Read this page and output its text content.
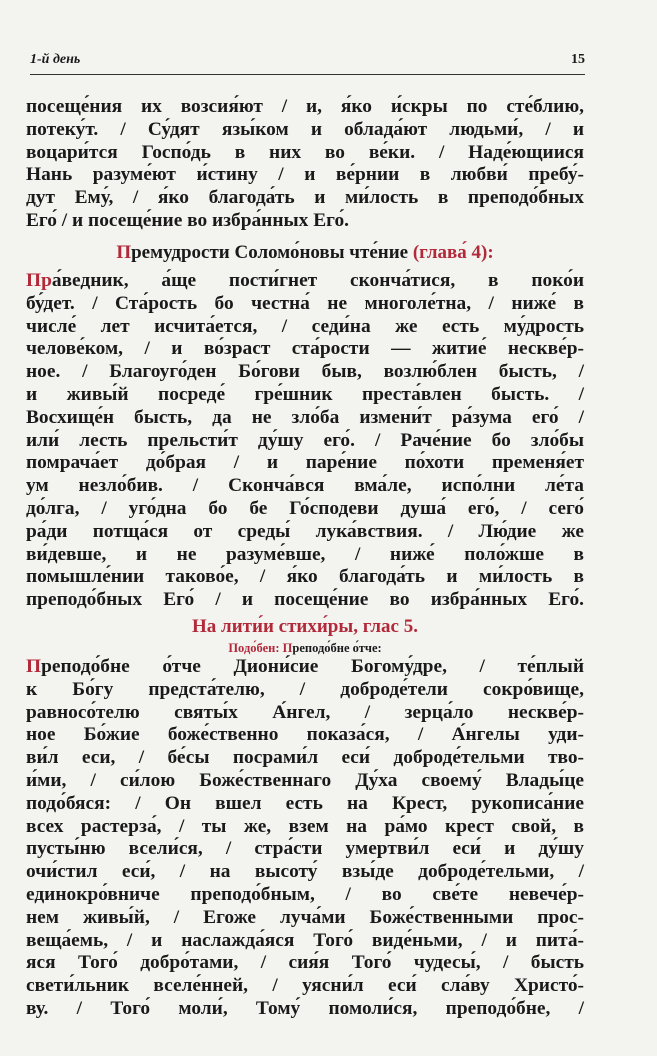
1-й день	15
посеще́ния их возсия́ют / и, я́ко и́скры по сте́блию,
потеку́т. / Су́дят язы́ком и облада́ют людьми́, / и
воцари́тся Госпо́дь в них во ве́ки. / Наде́ющиися
Нань разуме́ют и́стину / и ве́рнии в любви́ пребу́-
дут Ему́, / я́ко благода́ть и ми́лость в преподо́бных
Его́ / и посеще́ние во избра́нных Его́.
Премудрости Соломо́новы чте́ние (глава́ 4):
Пра́ведник, а́ще пости́гнет сконча́тися, в поко́и
бу́дет. / Ста́рость бо честна́ не многоле́тна, / ниже́ в
числе́ лет исчита́ется, / седи́на же есть му́дрость
челове́ком, / и во́зраст ста́рости — житие́ нескве́р-
ное. / Благоуго́ден Бо́гови быв, возлю́блен бысть, /
и живы́й посреде́ гре́шник преста́влен бысть. /
Восхище́н бысть, да не зло́ба измени́т ра́зума его́ /
или́ лесть прельсти́т ду́шу его́. / Раче́ние бо зло́бы
помрача́ет до́брая / и паре́ние по́хоти пременя́ет
ум незло́бив. / Сконча́вся вма́ле, испо́лни ле́та
до́лга, / уго́дна бо бе Го́сподеви душа́ его́, / сего́
ра́ди потща́ся от среды́ лука́вствия. / Лю́дие же
ви́девше, и не разуме́вше, / ниже́ поло́жше в
помышле́нии таково́е, / я́ко благода́ть и ми́лость в
преподо́бных Его́ / и посеще́ние во избра́нных Его́.
На лити́и стихи́ры, глас 5.
Подо́бен: Преподо́бне о́тче:
Преподо́бне о́тче Диони́сие Богому́дре, / те́плый
к Бо́гу предста́телю, / доброде́тели сокро́вище,
равносо́телю святы́х А́нгел, / зерца́ло нескве́р-
ное Бо́жие боже́ственно показа́ся, / А́нгелы уди-
ви́л еси, / бе́сы посрами́л еси́ доброде́тельми тво-
и́ми, / си́лою Боже́ственнаго Ду́ха своему́ Влады́це
подо́бяся: / Он вшел есть на Крест, рукописа́ние
всех растерза́, / ты же, взем на ра́мо крест свой, в
пусты́ню всели́ся, / стра́сти умертви́л еси́ и ду́шу
очи́стил еси́, / на высоту́ взы́де доброде́тельми, /
единокро́вниче преподо́бным, / во све́те невече́р-
нем живы́й, / Егоже луча́ми Боже́ственными прос-
веща́емь, / и наслажда́яся Того́ виде́ньми, / и пита́-
яся Того́ добро́тами, / сия́я Того́ чудесы́, / бысть
свети́льник вселе́нней, / уясни́л еси́ сла́ву Христо́-
ву. / Того́ моли́, Тому́ помоли́ся, преподо́бне, /
